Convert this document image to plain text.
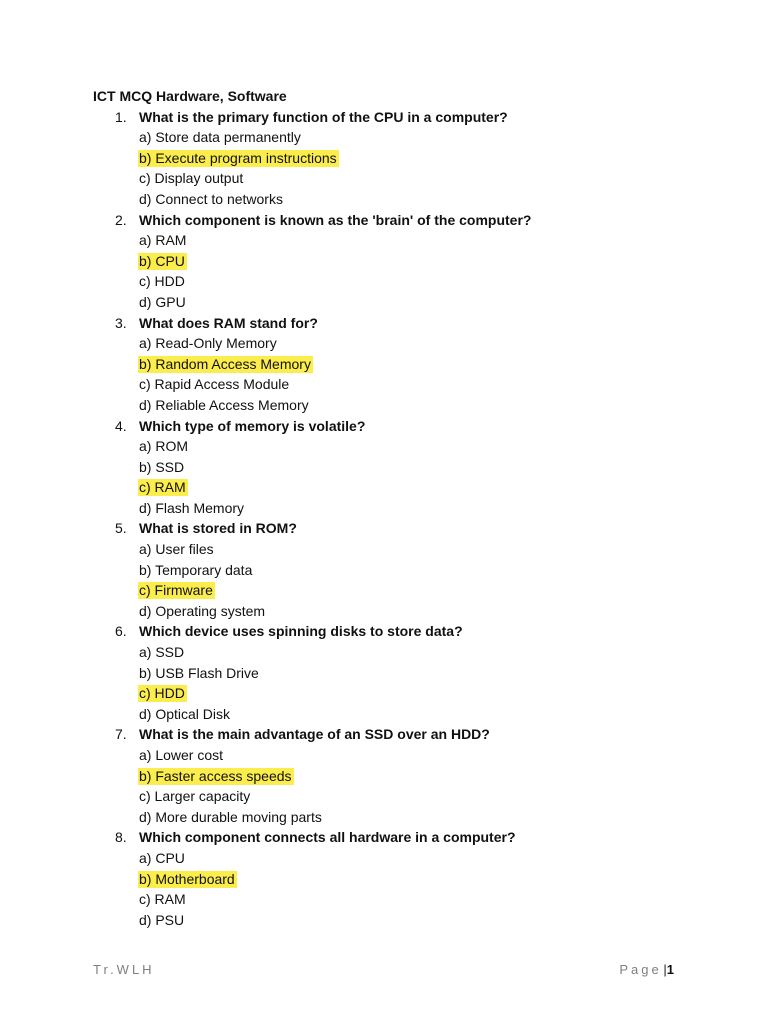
ICT MCQ Hardware, Software
1. What is the primary function of the CPU in a computer?
a) Store data permanently
b) Execute program instructions
c) Display output
d) Connect to networks
2. Which component is known as the 'brain' of the computer?
a) RAM
b) CPU
c) HDD
d) GPU
3. What does RAM stand for?
a) Read-Only Memory
b) Random Access Memory
c) Rapid Access Module
d) Reliable Access Memory
4. Which type of memory is volatile?
a) ROM
b) SSD
c) RAM
d) Flash Memory
5. What is stored in ROM?
a) User files
b) Temporary data
c) Firmware
d) Operating system
6. Which device uses spinning disks to store data?
a) SSD
b) USB Flash Drive
c) HDD
d) Optical Disk
7. What is the main advantage of an SSD over an HDD?
a) Lower cost
b) Faster access speeds
c) Larger capacity
d) More durable moving parts
8. Which component connects all hardware in a computer?
a) CPU
b) Motherboard
c) RAM
d) PSU
Tr.WLH	Page |1
